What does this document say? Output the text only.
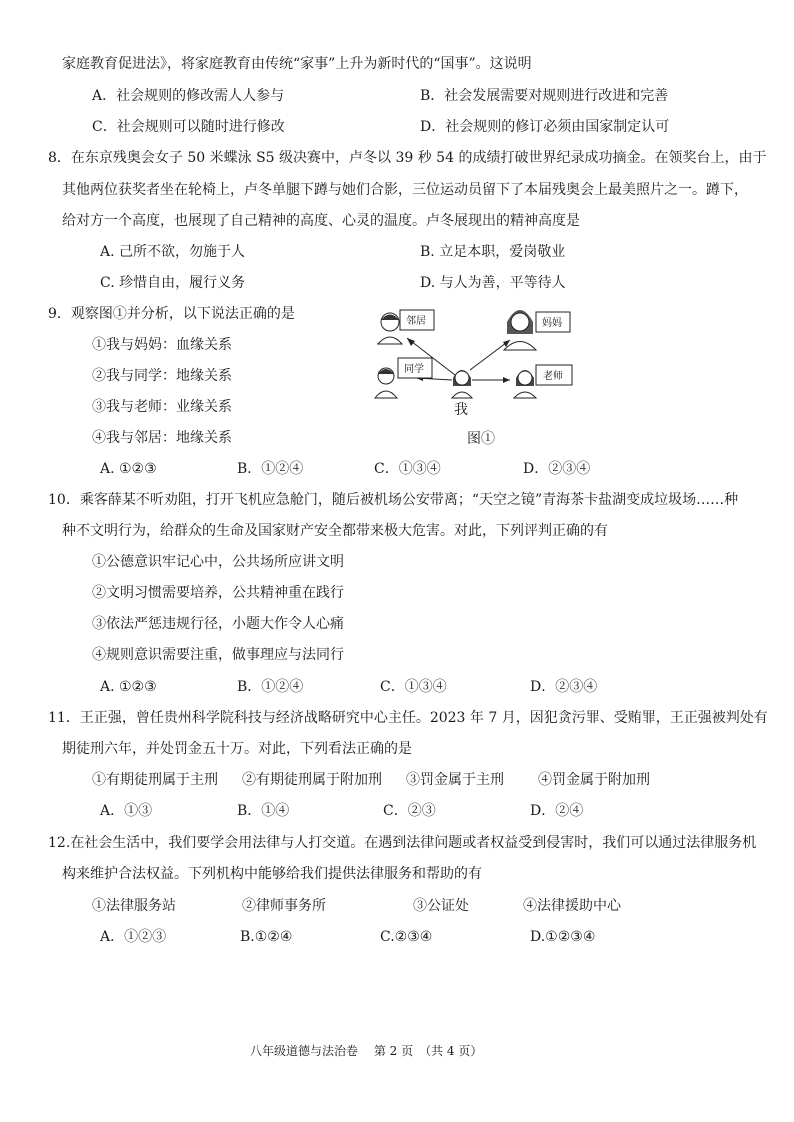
家庭教育促进法》，将家庭教育由传统“家事”上升为新时代的“国事”。这说明
A．社会规则的修改需人人参与	B．社会发展需要对规则进行改进和完善
C．社会规则可以随时进行修改	D．社会规则的修订必须由国家制定认可
8．在东京残奥会女子 50 米蝶泳 S5 级决赛中，卢冬以 39 秒 54 的成绩打破世界纪录成功摘金。在领奖台上，由于
其他两位获奖者坐在轮椅上，卢冬单腿下蹲与她们合影，三位运动员留下了本届残奥会上最美照片之一。蹲下，
给对方一个高度，也展现了自己精神的高度、心灵的温度。卢冬展现出的精神高度是
A. 己所不欲，勿施于人	B. 立足本职，爱岗敬业
C. 珍惜自由，履行义务	D. 与人为善，平等待人
9．观察图①并分析，以下说法正确的是
①我与妈妈：血缘关系
②我与同学：地缘关系
③我与老师：业缘关系
④我与邻居：地缘关系
邻居	妈妈
同学
老师
我
图①
A. ①②③	B．①②④	C．①③④	D．②③④
10．乘客薛某不听劝阻，打开飞机应急舱门，随后被机场公安带离；“天空之镜”青海茶卡盐湖变成垃圾场……种
种不文明行为，给群众的生命及国家财产安全都带来极大危害。对此，下列评判正确的有
①公德意识牢记心中，公共场所应讲文明
②文明习惯需要培养，公共精神重在践行
③依法严惩违规行径，小题大作令人心痛
④规则意识需要注重，做事理应与法同行
A. ①②③	B．①②④	C．①③④	D．②③④
11．王正强，曾任贵州科学院科技与经济战略研究中心主任。2023 年 7 月，因犯贪污罪、受贿罪，王正强被判处有
期徒刑六年，并处罚金五十万。对此，下列看法正确的是
①有期徒刑属于主刑 ②有期徒刑属于附加刑 ③罚金属于主刑 ④罚金属于附加刑
A．①③	B．①④	C．②③	D．②④
12.在社会生活中，我们要学会用法律与人打交道。在遇到法律问题或者权益受到侵害时，我们可以通过法律服务机
构来维护合法权益。下列机构中能够给我们提供法律服务和帮助的有
①法律服务站	②律师事务所	③公证处	④法律援助中心
A．①②③	B.①②④	C.②③④	D.①②③④
八年级道德与法治卷　 第 2 页　（共 4 页）
